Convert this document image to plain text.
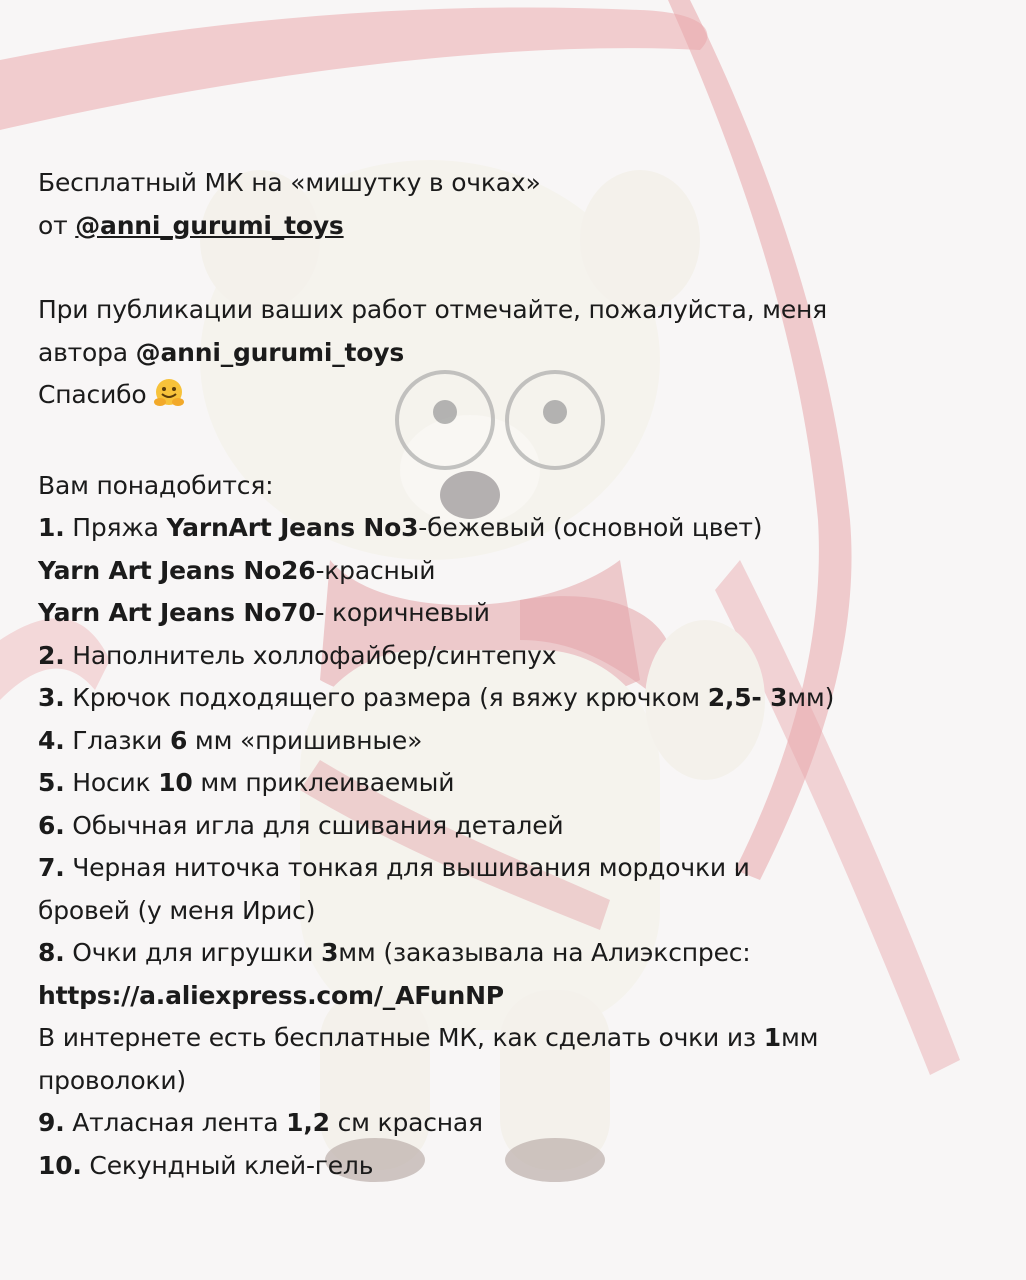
Бесплатный МК на «мишутку в очках»
от @anni_gurumi_toys
При публикации ваших работ отмечайте, пожалуйста, меня
автора @anni_gurumi_toys
Спасибо
Вам понадобится:
1. Пряжа YarnArt Jeans No3-бежевый (основной цвет)
Yarn Art Jeans No26-красный
Yarn Art Jeans No70- коричневый
2. Наполнитель холлофайбер/синтепух
3. Крючок подходящего размера (я вяжу крючком 2,5- 3мм)
4. Глазки 6 мм «пришивные»
5. Носик 10 мм приклеиваемый
6. Обычная игла для сшивания деталей
7. Черная ниточка тонкая для вышивания мордочки и
бровей (у меня Ирис)
8. Очки для игрушки 3мм (заказывала на Алиэкспрес:
https://a.aliexpress.com/_AFunNP
В интернете есть бесплатные МК, как сделать очки из 1мм
проволоки)
9. Атласная лента 1,2 см красная
10. Секундный клей-гель
